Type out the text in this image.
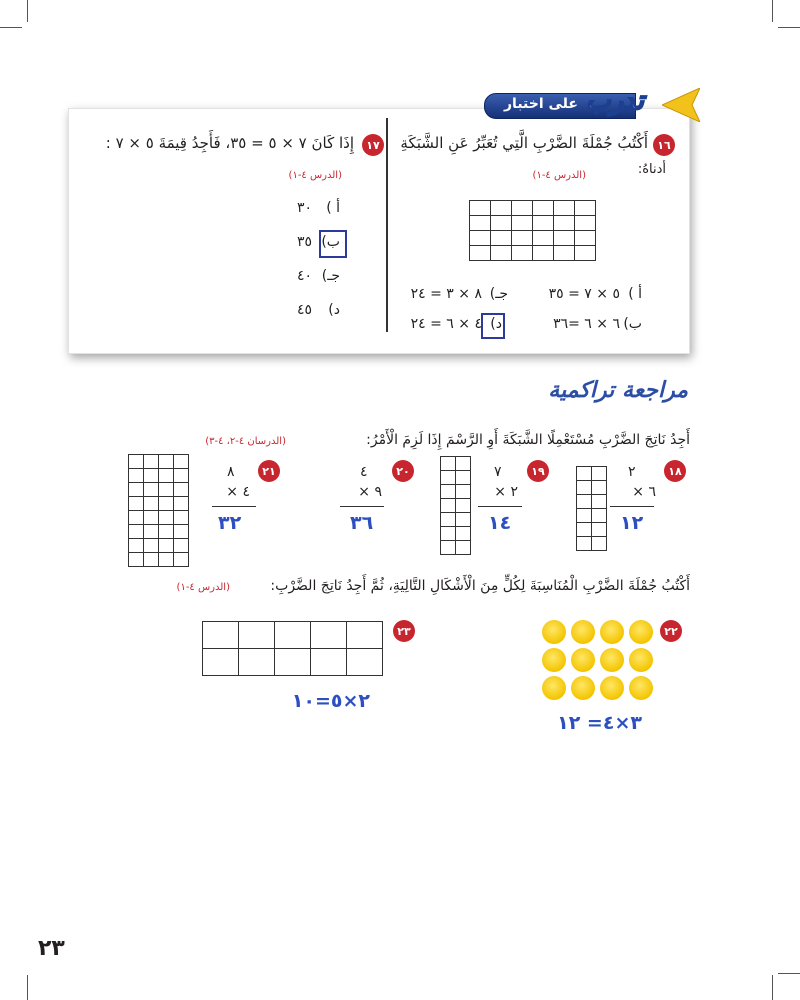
على اختبار تدرب
١٦
أَكْتُبُ جُمْلَةَ الضَّرْبِ الَّتِي تُعَبِّرُ عَنِ الشَّبَكَةِ
أدناهُ:
(الدرس ٤-١)

أ )
٥ × ٧ = ٣٥
ب)
٦ × ٦ =٣٦
جـ)
٨ × ٣ = ٢٤
د)
٤ × ٦ = ٢٤
١٧
إِذَا كَانَ ٧ × ٥ = ٣٥، فَأَجِدُ قِيمَةَ ٥ × ٧ :
(الدرس ٤-١)
أ )
٣٠
ب)
٣٥
جـ)
٤٠
د)
٤٥
مراجعة تراكمية
أَجِدُ نَاتِجَ الضَّرْبِ مُسْتَعْمِلًا الشَّبَكَةَ أَوِ الرَّسْمَ إِذَا لَزِمَ الْأَمْرُ:
(الدرسان ٤-٢، ٤-٣)
١٨
٢
٦ ×
١٢

١٩
٧
٢ ×
١٤

٢٠
٤
٩ ×
٣٦
٢١
٨
٤ ×
٣٢

أَكْتُبُ جُمْلَةَ الضَّرْبِ الْمُنَاسِبَةَ لِكُلٍّ مِنَ الْأَشْكَالِ التَّالِيَةِ، ثُمَّ أَجِدُ نَاتِجَ الضَّرْبِ:
(الدرس ٤-١)
٢٢
٣×٤= ١٢
٢٣

٢×٥=١٠
٢٣
